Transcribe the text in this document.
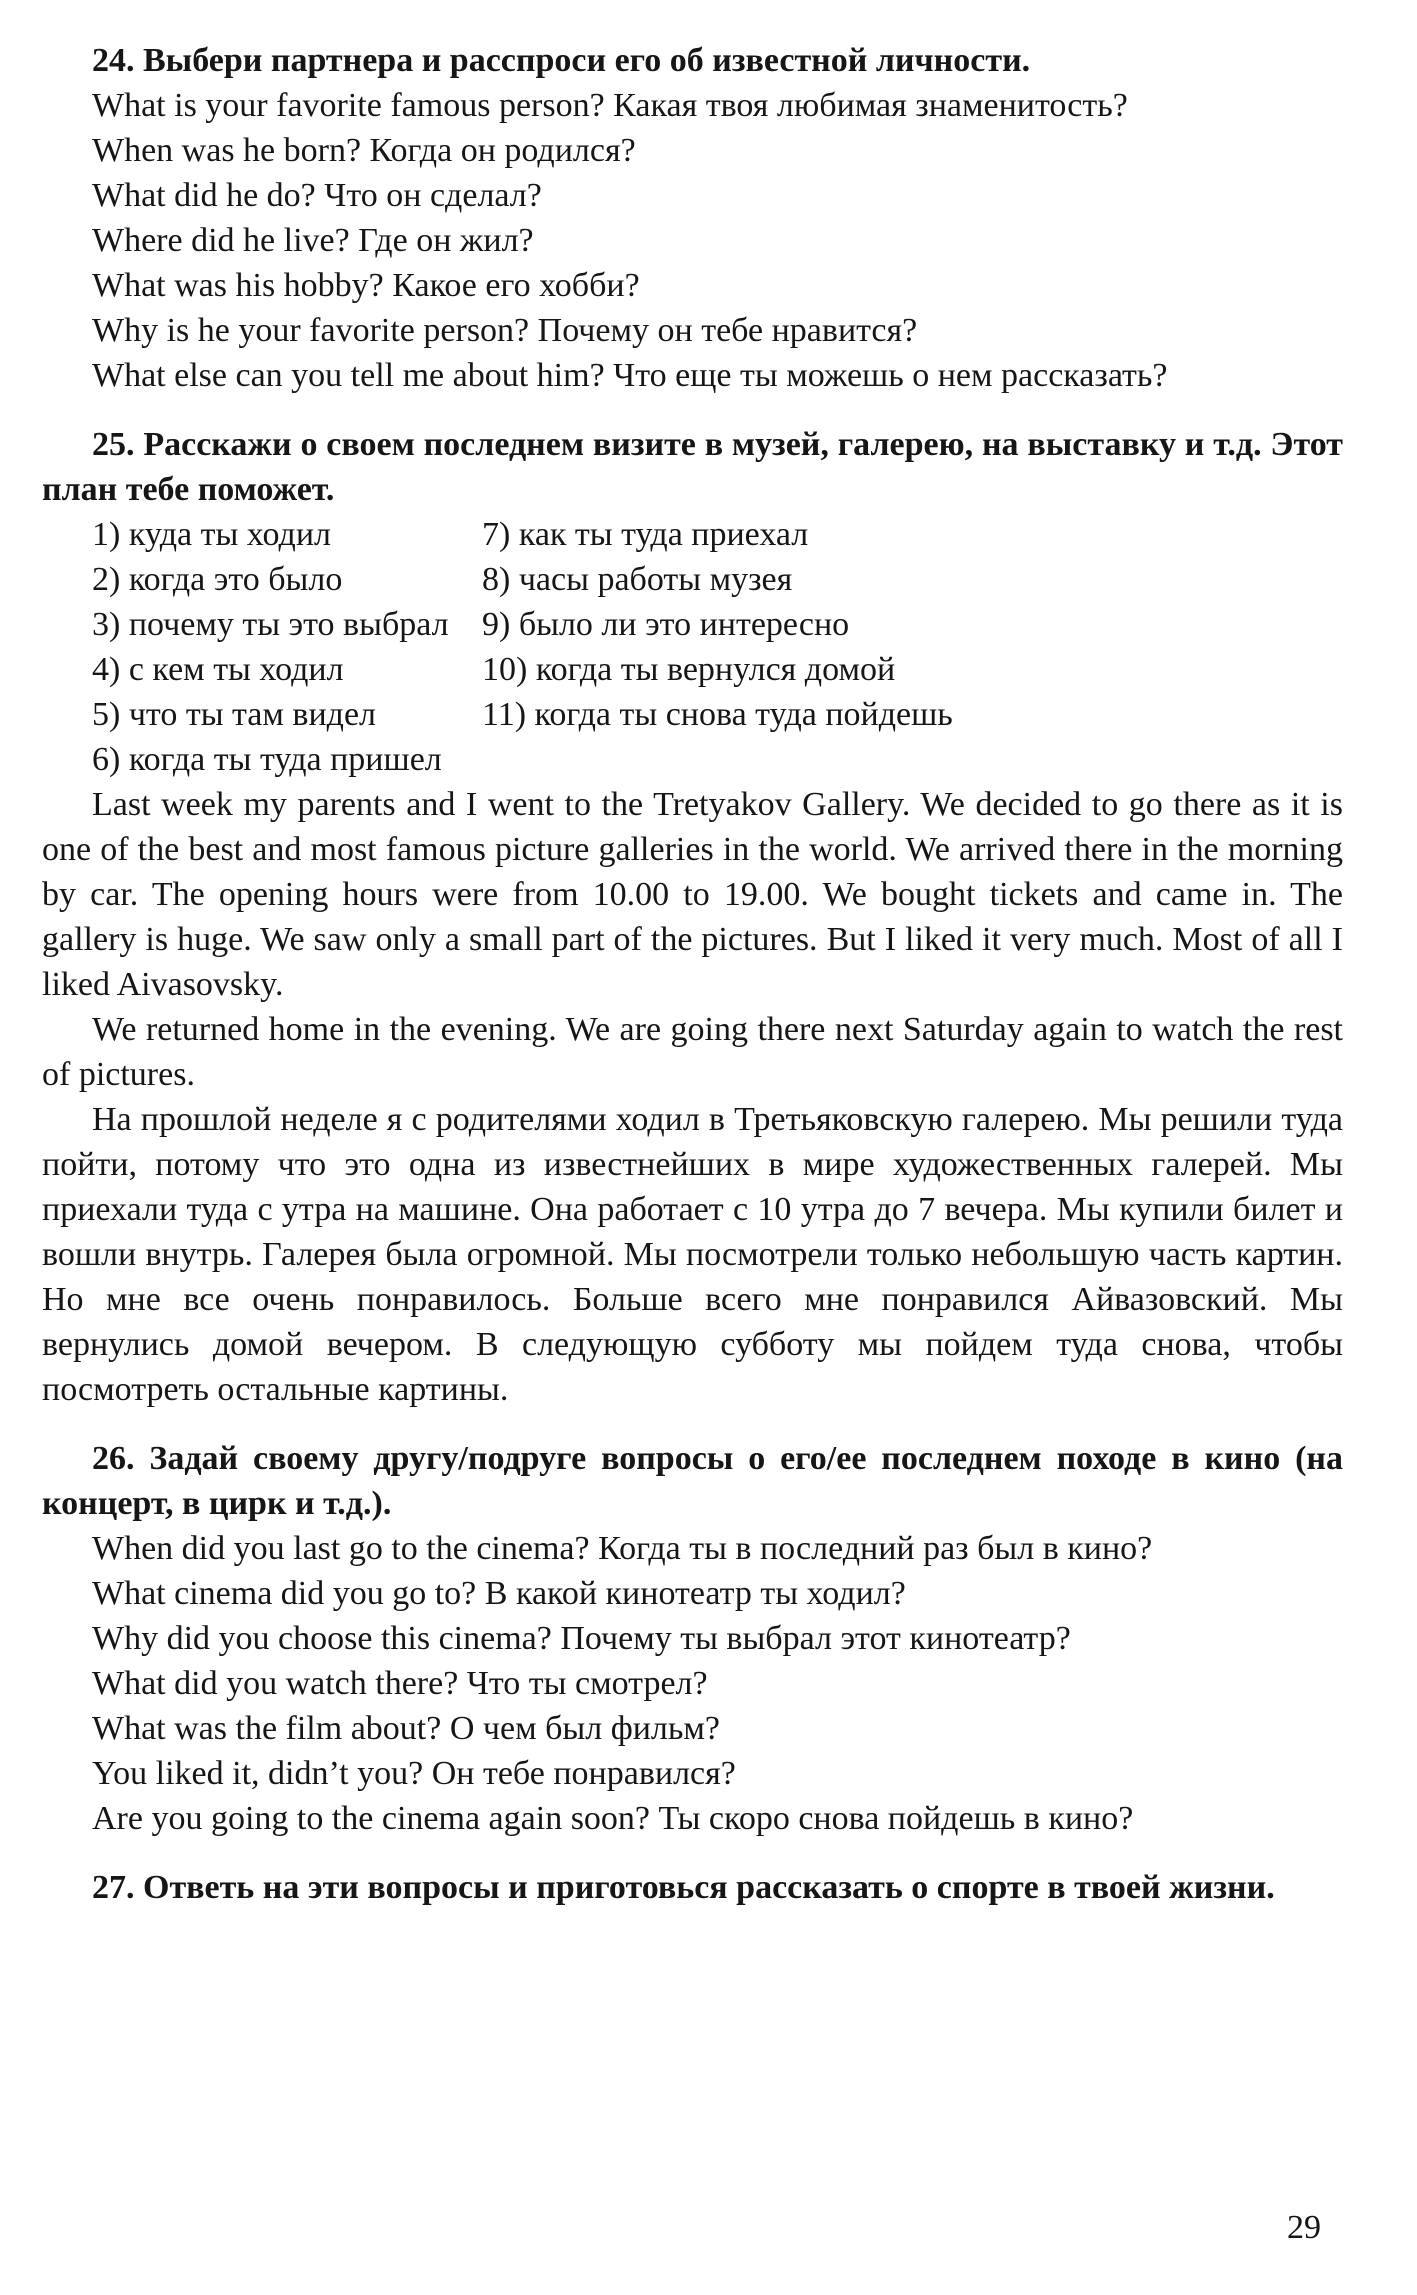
24. Выбери партнера и расспроси его об известной личности.

What is your favorite famous person? Какая твоя любимая знаменитость?

When was he born? Когда он родился?

What did he do? Что он сделал?

Where did he live? Где он жил?

What was his hobby? Какое его хобби?

Why is he your favorite person? Почему он тебе нравится?

What else can you tell me about him? Что еще ты можешь о нем рассказать?

25. Расскажи о своем последнем визите в музей, галерею, на выставку и т.д. Этот план тебе поможет.

1) куда ты ходил

2) когда это было

3) почему ты это выбрал

4) с кем ты ходил

5) что ты там видел

6) когда ты туда пришел

7) как ты туда приехал

8) часы работы музея

9) было ли это интересно

10) когда ты вернулся домой

11) когда ты снова туда пойдешь

Last week my parents and I went to the Tretyakov Gallery. We decided to go there as it is one of the best and most famous picture galleries in the world. We arrived there in the morning by car. The opening hours were from 10.00 to 19.00. We bought tickets and came in. The gallery is huge. We saw only a small part of the pictures. But I liked it very much. Most of all I liked Aivasovsky.

We returned home in the evening. We are going there next Saturday again to watch the rest of pictures.

На прошлой неделе я с родителями ходил в Третьяковскую галерею. Мы решили туда пойти, потому что это одна из известнейших в мире художественных галерей. Мы приехали туда с утра на машине. Она работает с 10 утра до 7 вечера. Мы купили билет и вошли внутрь. Галерея была огромной. Мы посмотрели только небольшую часть картин. Но мне все очень понравилось. Больше всего мне понравился Айвазовский. Мы вернулись домой вечером. В следующую субботу мы пойдем туда снова, чтобы посмотреть остальные картины.

26. Задай своему другу/подруге вопросы о его/ее последнем походе в кино (на концерт, в цирк и т.д.).

When did you last go to the cinema? Когда ты в последний раз был в кино?

What cinema did you go to? В какой кинотеатр ты ходил?

Why did you choose this cinema? Почему ты выбрал этот кинотеатр?

What did you watch there? Что ты смотрел?

What was the film about? О чем был фильм?

You liked it, didn’t you? Он тебе понравился?

Are you going to the cinema again soon? Ты скоро снова пойдешь в кино?

27. Ответь на эти вопросы и приготовься рассказать о спорте в твоей жизни.

29
